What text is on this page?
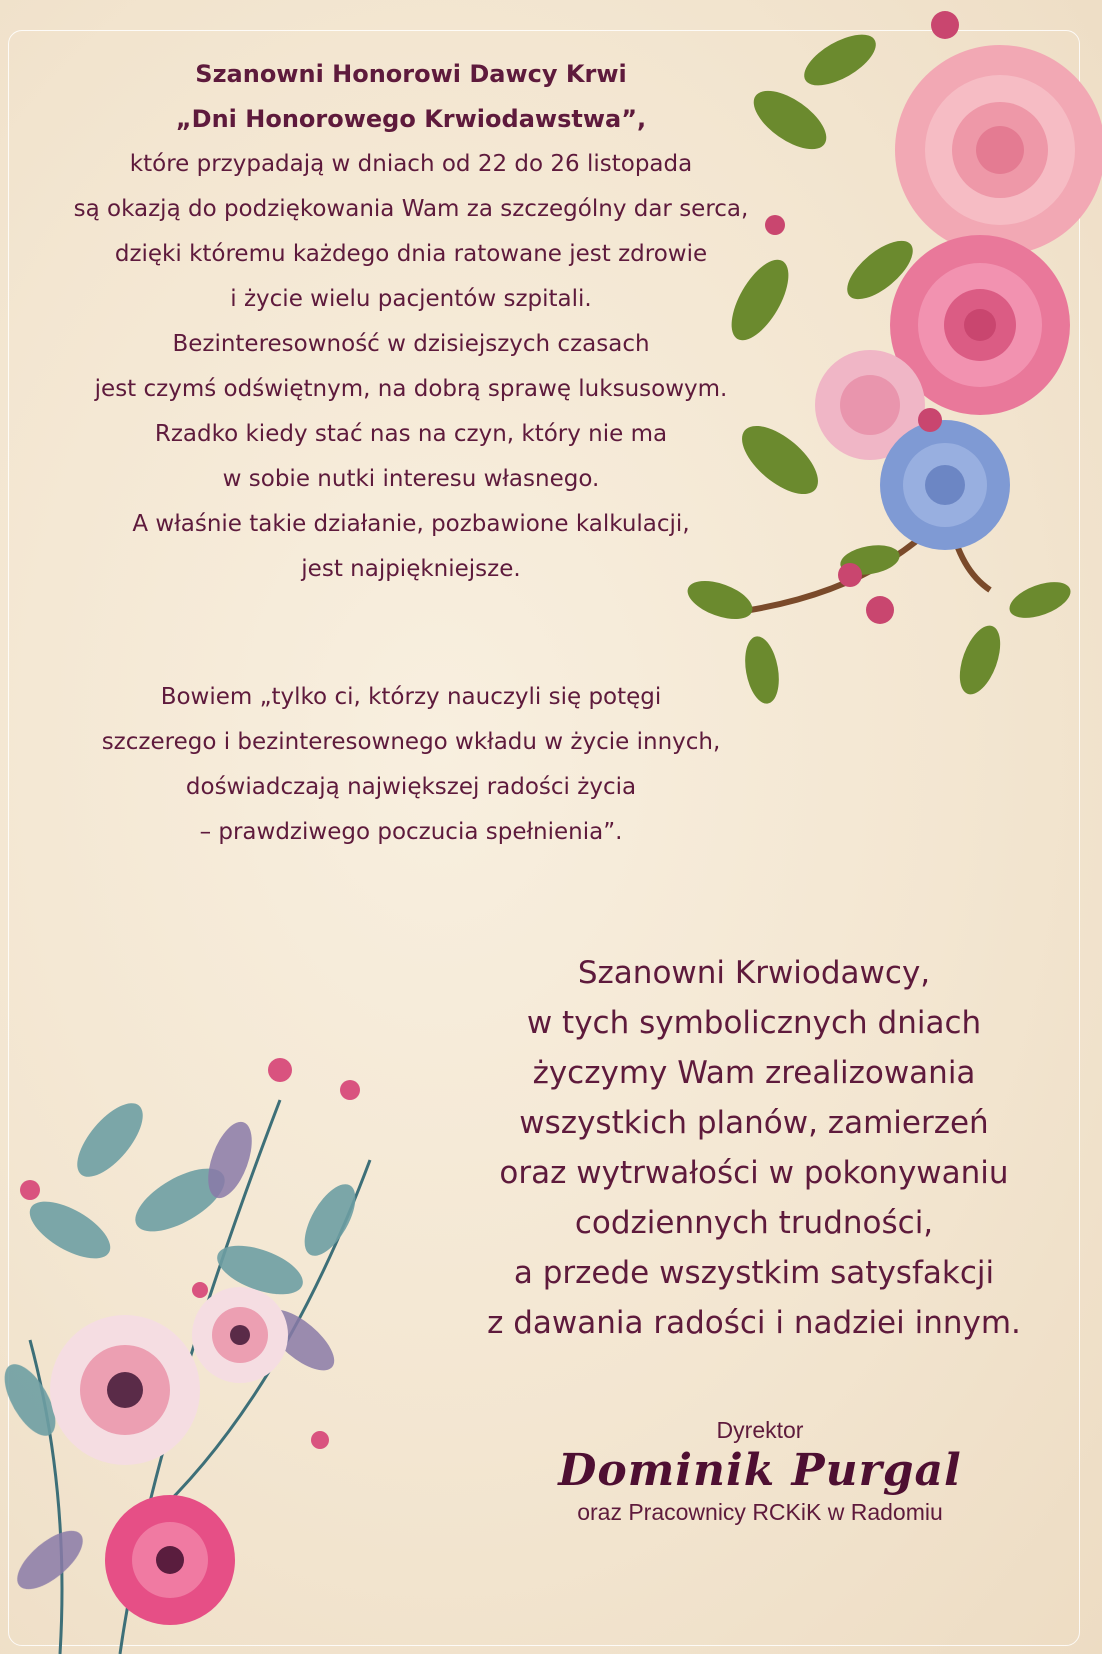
Szanowni Honorowi Dawcy Krwi
„Dni Honorowego Krwiodawstwa”,
które przypadają w dniach od 22 do 26 listopada
są okazją do podziękowania Wam za szczególny dar serca,
dzięki któremu każdego dnia ratowane jest zdrowie
i życie wielu pacjentów szpitali.
Bezinteresowność w dzisiejszych czasach
jest czymś odświętnym, na dobrą sprawę luksusowym.
Rzadko kiedy stać nas na czyn, który nie ma
w sobie nutki interesu własnego.
A właśnie takie działanie, pozbawione kalkulacji,
jest najpiękniejsze.
Bowiem „tylko ci, którzy nauczyli się potęgi
szczerego i bezinteresownego wkładu w życie innych,
doświadczają największej radości życia
– prawdziwego poczucia spełnienia”.
Szanowni Krwiodawcy,
w tych symbolicznych dniach
życzymy Wam zrealizowania
wszystkich planów, zamierzeń
oraz wytrwałości w pokonywaniu
codziennych trudności,
a przede wszystkim satysfakcji
z dawania radości i nadziei innym.
Dyrektor
Dominik Purgal
oraz Pracownicy RCKiK w Radomiu
